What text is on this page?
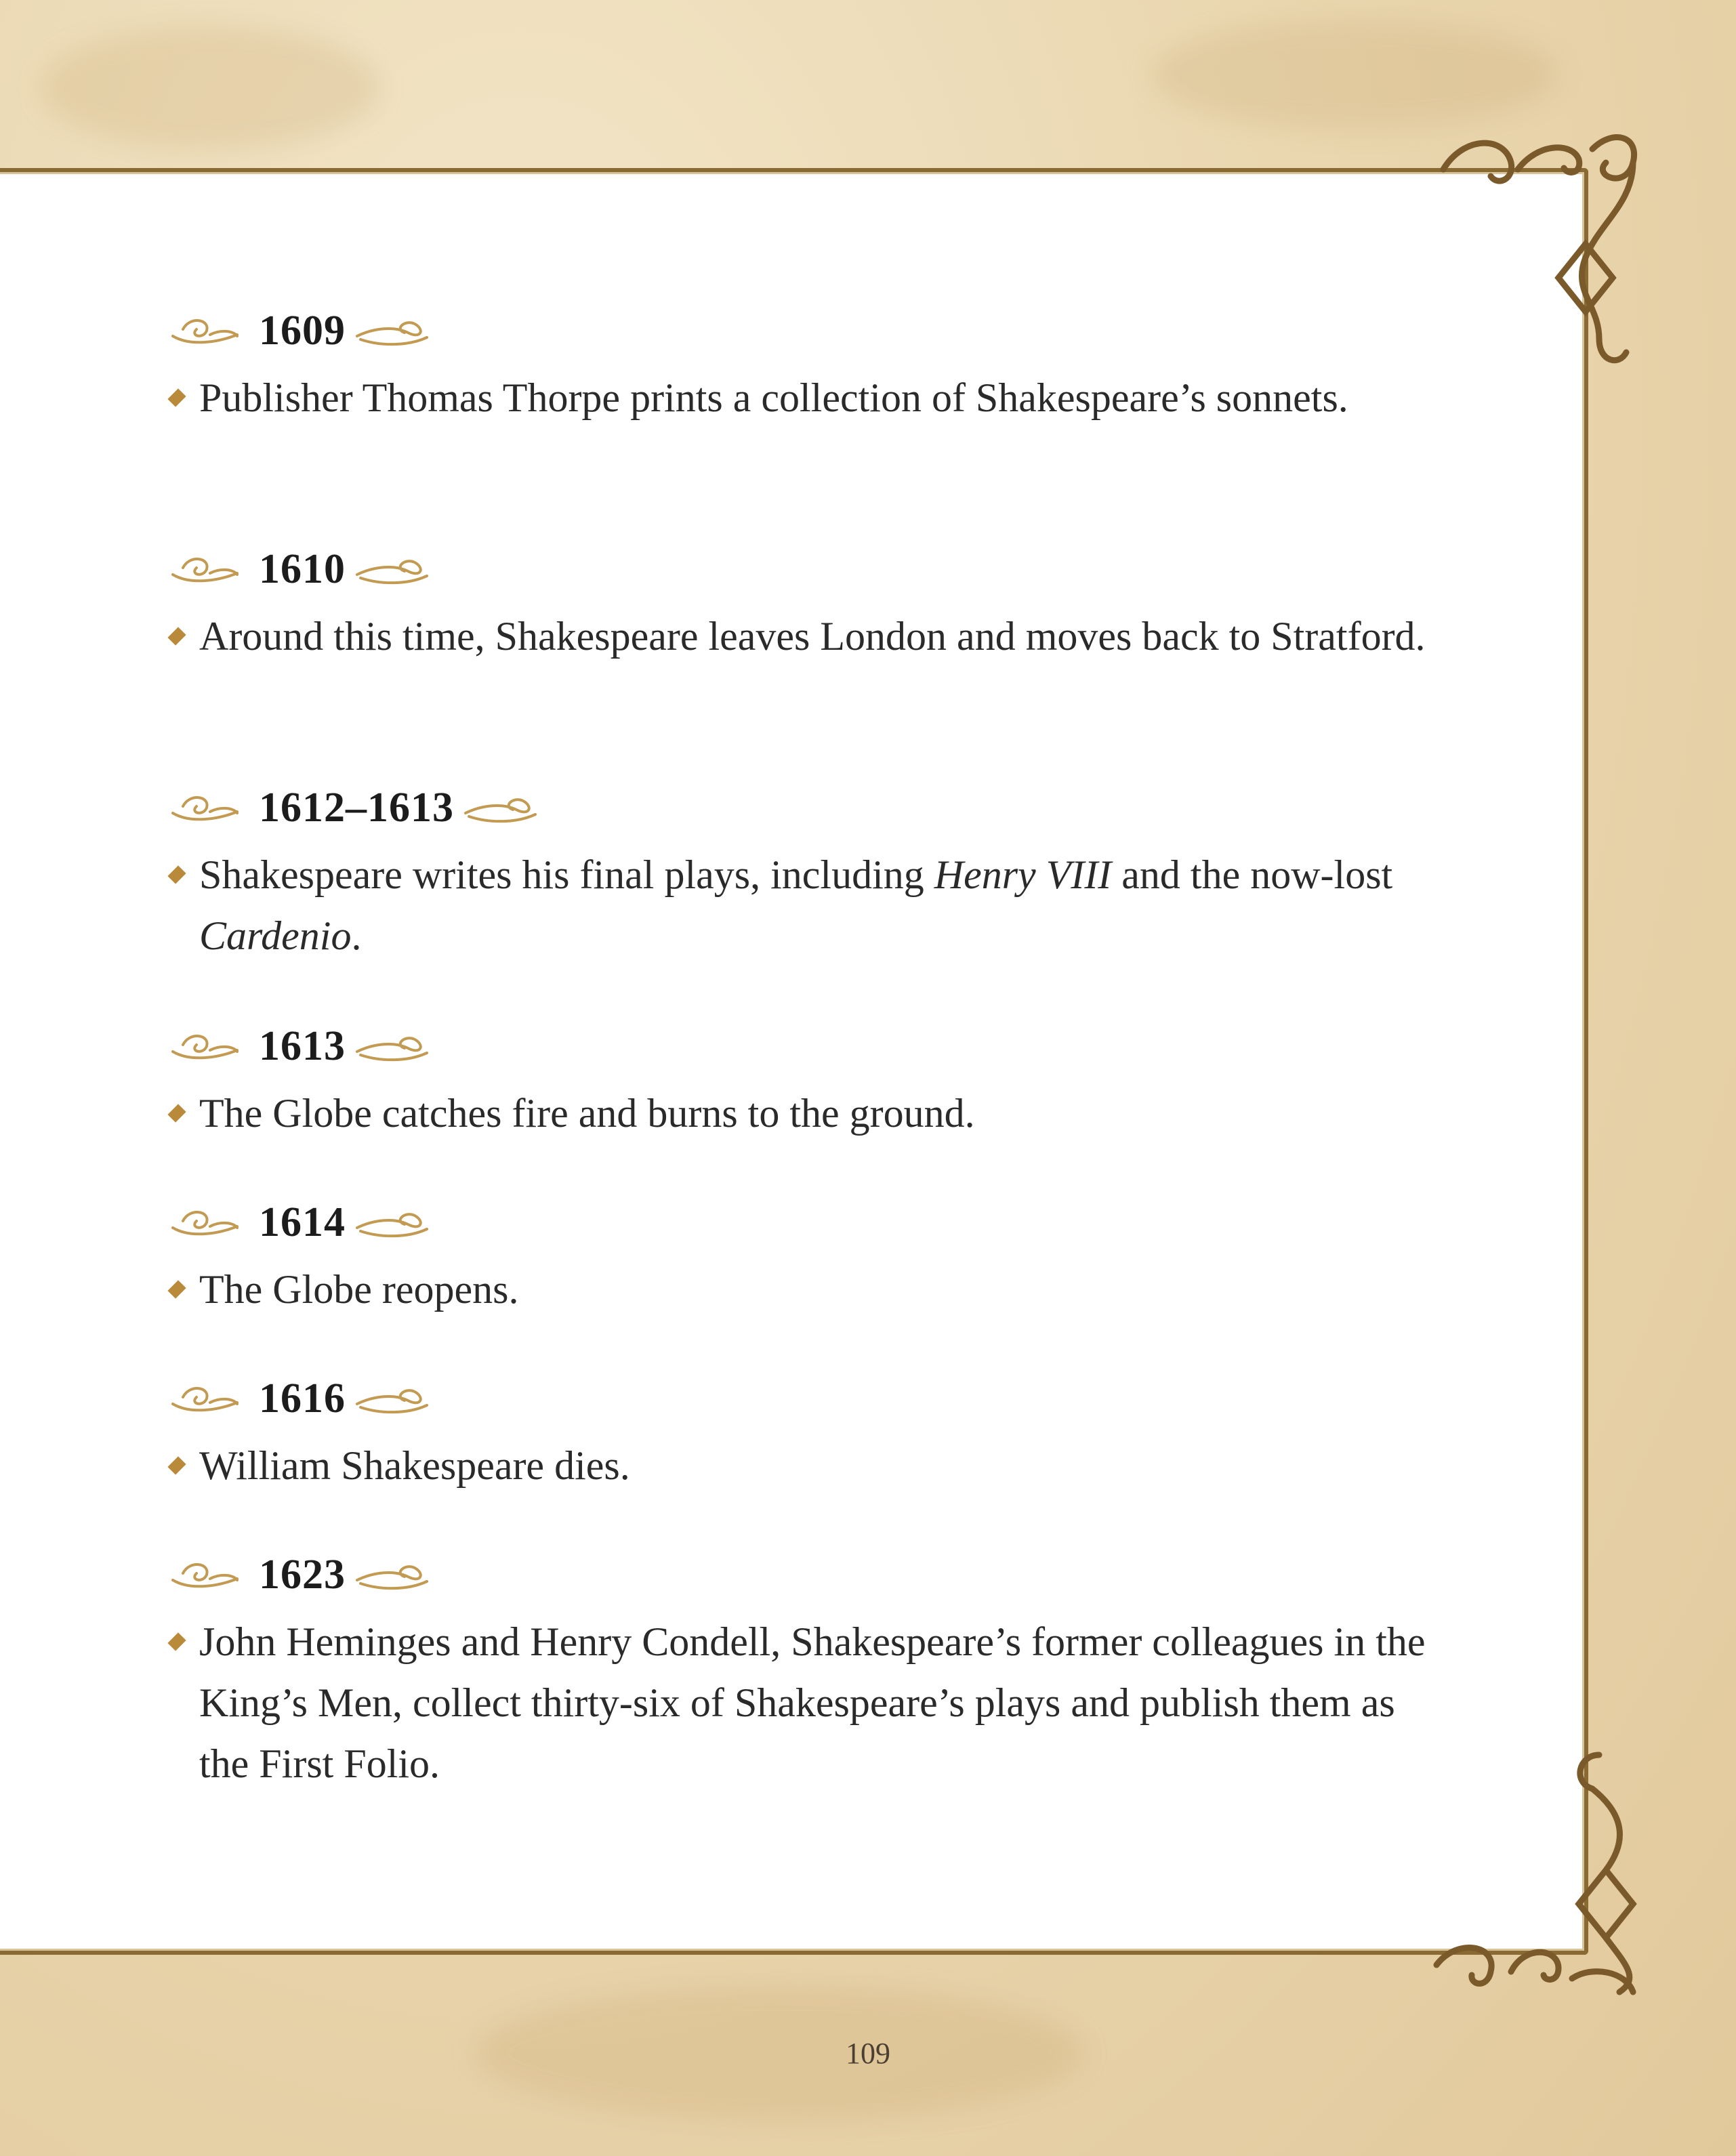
1609
Publisher Thomas Thorpe prints a collection of Shakespeare’s sonnets.
1610
Around this time, Shakespeare leaves London and moves back to Stratford.
1612–1613
Shakespeare writes his final plays, including Henry VIII and the now-lost Cardenio.
1613
The Globe catches fire and burns to the ground.
1614
The Globe reopens.
1616
William Shakespeare dies.
1623
John Heminges and Henry Condell, Shakespeare’s former colleagues in the King’s Men, collect thirty-six of Shakespeare’s plays and publish them as the First Folio.
109
